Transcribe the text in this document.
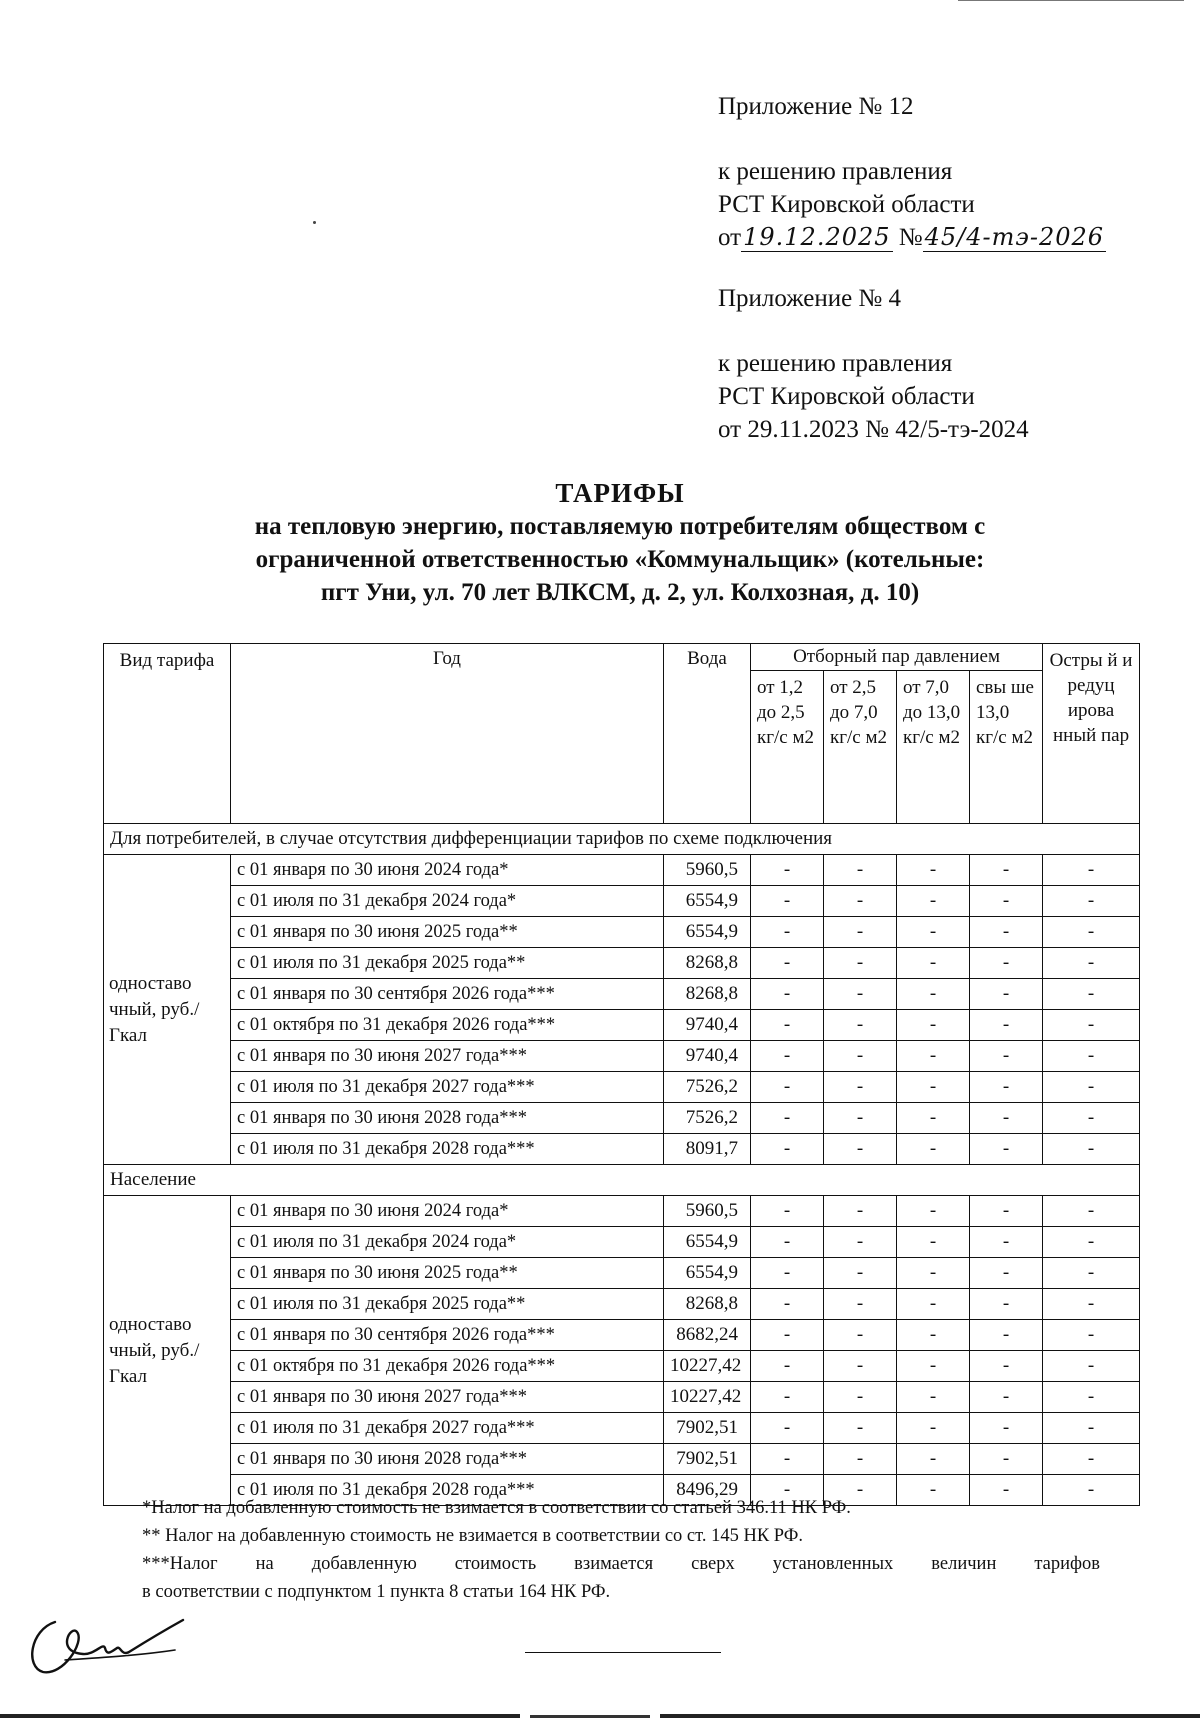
Приложение № 12
к решению правления
РСТ Кировской области
от19.12.2025 №45/4-тэ-2026
Приложение № 4
к решению правления
РСТ Кировской области
от 29.11.2023 № 42/5-тэ-2024
ТАРИФЫ
на тепловую энергию, поставляемую потребителям обществом с
ограниченной ответственностью «Коммунальщик» (котельные:
пгт Уни, ул. 70 лет ВЛКСМ, д. 2, ул. Колхозная, д. 10)
Вид тарифа	Год	Вода	Отборный пар давлением				Остры й и редуц ирова нный пар
			от 1,2 до 2,5 кг/с м2	от 2,5 до 7,0 кг/с м2	от 7,0 до 13,0 кг/с м2	свы ше 13,0 кг/с м2	
Для потребителей, в случае отсутствия дифференциации тарифов по схеме подключения							
одноставо чный, руб./Гкал	с 01 января по 30 июня 2024 года*	5960,5	-	-	-	-	-
	с 01 июля по 31 декабря 2024 года*	6554,9	-	-	-	-	-
	с 01 января по 30 июня 2025 года**	6554,9	-	-	-	-	-
	с 01 июля по 31 декабря 2025 года**	8268,8	-	-	-	-	-
	с 01 января по 30 сентября 2026 года***	8268,8	-	-	-	-	-
	с 01 октября по 31 декабря 2026 года***	9740,4	-	-	-	-	-
	с 01 января по 30 июня 2027 года***	9740,4	-	-	-	-	-
	с 01 июля по 31 декабря 2027 года***	7526,2	-	-	-	-	-
	с 01 января по 30 июня 2028 года***	7526,2	-	-	-	-	-
	с 01 июля по 31 декабря 2028 года***	8091,7	-	-	-	-	-
Население							
одноставо чный, руб./Гкал	с 01 января по 30 июня 2024 года*	5960,5	-	-	-	-	-
	с 01 июля по 31 декабря 2024 года*	6554,9	-	-	-	-	-
	с 01 января по 30 июня 2025 года**	6554,9	-	-	-	-	-
	с 01 июля по 31 декабря 2025 года**	8268,8	-	-	-	-	-
	с 01 января по 30 сентября 2026 года***	8682,24	-	-	-	-	-
	с 01 октября по 31 декабря 2026 года***	10227,42	-	-	-	-	-
	с 01 января по 30 июня 2027 года***	10227,42	-	-	-	-	-
	с 01 июля по 31 декабря 2027 года***	7902,51	-	-	-	-	-
	с 01 января по 30 июня 2028 года***	7902,51	-	-	-	-	-
	с 01 июля по 31 декабря 2028 года***	8496,29	-	-	-	-	-

*Налог на добавленную стоимость не взимается в соответствии со статьей 346.11 НК РФ.

** Налог на добавленную стоимость не взимается в соответствии со ст. 145 НК РФ.

***Налог на добавленную стоимость взимается сверх установленных величин тарифов

в соответствии с подпунктом 1 пункта 8 статьи 164 НК РФ.
